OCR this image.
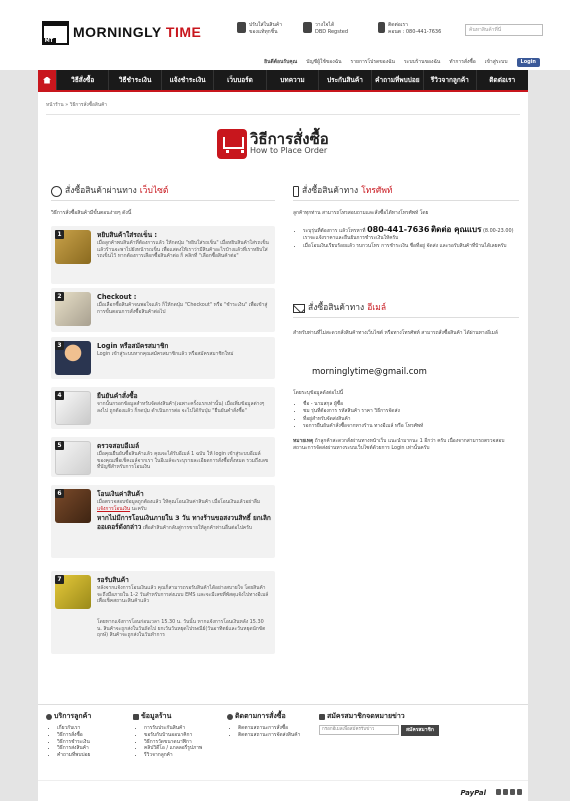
MT
MORNINGLY TIME	ปรับใส่ในสินค้า
ของแท้ทุกชิ้น
วางใจได้
DBD Regsted
ติดต่อเรา
คอนต : 080-441-7636	ค้นหาสินค้าที่นี่
ยินดีต้อนรับคุณ บัญชีผู้ใช้ของฉัน รายการโปรดของฉัน ระบบร้านของฉัน ทำการสั่งซื้อ เข้าสู่ระบบ	Login
วิธีสั่งซื้อ	วิธีชำระเงิน	แจ้งชำระเงิน	เว็บบอร์ด	บทความ	ประกันสินค้า	คำถามที่พบบ่อย	รีวิวจากลูกค้า	ติดต่อเรา
หน้าร้าน » วิธีการสั่งซื้อสินค้า
วิธีการสั่งซื้อ
How to Place Order
สั่งซื้อสินค้าผ่านทาง เว็บไซต์
วิธีการสั่งซื้อสินค้ามีขั้นตอนง่ายๆ ดังนี้
1	หยิบสินค้าใส่รถเข็น :
เมื่อลูกค้าพบสินค้าที่ต้องการแล้ว ให้กดปุ่ม "หยิบใส่รถเข็น" เมื่อหยิบสินค้าใส่รถเข็นแล้วร้านจะพาไปยังหน้ารถเข็น เพื่อแสดงให้เราว่ามีสินค้าอะไรบ้างแล้วที่เราหยิบใส่รถเข็นไว้ หากต้องการเลือกซื้อสินค้าต่อ ก็ คลิกที่ "เลือกซื้อสินค้าต่อ"
2	Checkout :
เมื่อเลือกซื้อสินค้าจนพอใจแล้ว ก็ให้กดปุ่ม "Checkout" หรือ "ชำระเงิน" เพื่อเข้าสู่การขั้นตอนการสั่งซื้อสินค้าต่อไป
3	Login หรือสมัครสมาชิก
Login เข้าสู่ระบบหากคุณสมัครสมาชิกแล้ว หรือสมัครสมาชิกใหม่
4	ยืนยันคำสั่งซื้อ
จากนั้นกรอกข้อมูลสำหรับจัดส่งสินค้า(เฉพาะครั้งแรกเท่านั้น) เมื่อเพิ่มข้อมูลต่างๆ ลงไป ถูกต้องแล้ว ก็กดปุ่ม ดำเนินการต่อ จะไปได้กับปุ่ม "ยืนยันคำสั่งซื้อ"
5	ตรวจสอบอีเมล์
เมื่อคุณยืนยันซื้อสินค้าแล้ว คุณจะได้รับอีเมล์ 1 ฉบับ ให้ login เข้าสู่ระบบอีเมล์ของคุณเพื่อเช็คเมล์จากเรา ในอีเมล์จะระบุรายละเอียดการสั่งซื้อทั้งหมด รวมถึงเลขที่บัญชีสำหรับการโอนเงิน
6	โอนเงินค่าสินค้า
เมื่อตรวจสอบข้อมูลถูกต้องแล้ว ให้คุณโอนเงินค่าสินค้า เมื่อโอนเงินแล้วอย่าลืม แจ้งการโอนเงิน นะครับ
หากไม่มีการโอนเงินภายใน 3 วัน ทางร้านขอสงวนสิทธิ์ ยกเลิกออเดอร์ดังกล่าว เพื่อสำสินค้ากลับสู่การขายให้ลูกค้าท่านอื่นต่อไปครับ
7	รอรับสินค้า
หลังจากแจ้งการโอนเงินแล้ว คุณก็สามารถรอรับสินค้าได้อย่างสบายใจ โดยสินค้าจะถึงมือภายใน 1-2 วันสำหรับการส่งแบบ EMS และจะมีเลขที่พัสดุแจ้งไปทางอีเมล์เพื่อเช็คสถานะสินค้าแล้ว
โดยหากแจ้งการโอนก่อนเวลา 15.30 น. วันนั้น หากแจ้งการโอนเงินหลัง 15.30 น. สินค้าจะถูกส่งในวันถัดไป ยกเว้นวันหยุดไปรษณีย์(วันอาทิตย์และวันหยุดนักขัตฤกษ์) สินค้าจะถูกส่งในวันทำการ
สั่งซื้อสินค้าทาง โทรศัพท์
ลูกค้าทุกท่าน สามารถโทรสอบถามและสั่งซื้อได้ทางโทรศัพท์ โดย
• ระบุรุ่นที่ต้องการ แล้วโทรหาที่ 080-441-7636 ติดต่อ คุณแบร (8.00-23.00) เราจะแจ้งราคาและยืนยันการชำระเงินให้ครับ
• เมื่อโอนเงินเรียบร้อยแล้ว รบกวนโทร การชำระเงิน ชื่อที่อยู่ จัดส่ง และรอรับสินค้าที่บ้านได้เลยครับ
สั่งซื้อสินค้าทาง อีเมล์
สำหรับท่านที่ไม่สะดวกสั่งสินค้าทางเว็บไซต์ หรือทางโทรศัพท์ สามารถสั่งซื้อสินค้า ได้ผ่านทางอีเมล์
morninglytime@gmail.com
โดยระบุข้อมูลดังต่อไปนี้
• ชื่อ - นามสกุล ผู้ซื้อ
• ชม รุ่นที่ต้องการ รหัสสินค้า ราคา วิธีการจัดส่ง
• ที่อยู่สำหรับจัดส่งสินค้า
• รอการยืนยันคำสั่งซื้อจากทางร้าน ทางอีเมล์ หรือ โทรศัพท์
หมายเหตุ ถ้าลูกค้าสะดวกสั่งผ่านทางหน้าเว็บ แนะนำมากนะ 1 อีกว่า ครับ เนื่องจากสามารถตรวจสอบสถานะการจัดส่งผ่านทางระบบเว็บไซต์ด้วยการ Login เท่านั้นครับ
บริการลูกค้า
• เกี่ยวกับเรา
• วิธีการสั่งซื้อ
• วิธีการชำระเงิน
• วิธีการส่งสินค้า
• คำถามที่พบบ่อย
ข้อมูลร้าน
• การรับประกันสินค้า
• ขอรับกับบ้านออนาคิกา
• วิธีการวัดขนาดนาฬิกา
• คลิปวิดีโอ / แกลลอรี่รูปภาพ
• รีวิวจากลูกค้า
ติดตามการสั่งซื้อ
• ติดตามสถานะการสั่งซื้อ
• ติดตามสถานะการจัดส่งสินค้า
สมัครสมาชิกจดหมายข่าว
กรอกอีเมลเพื่อสมัครรับข่าว	สมัครสมาชิก
PayPal
